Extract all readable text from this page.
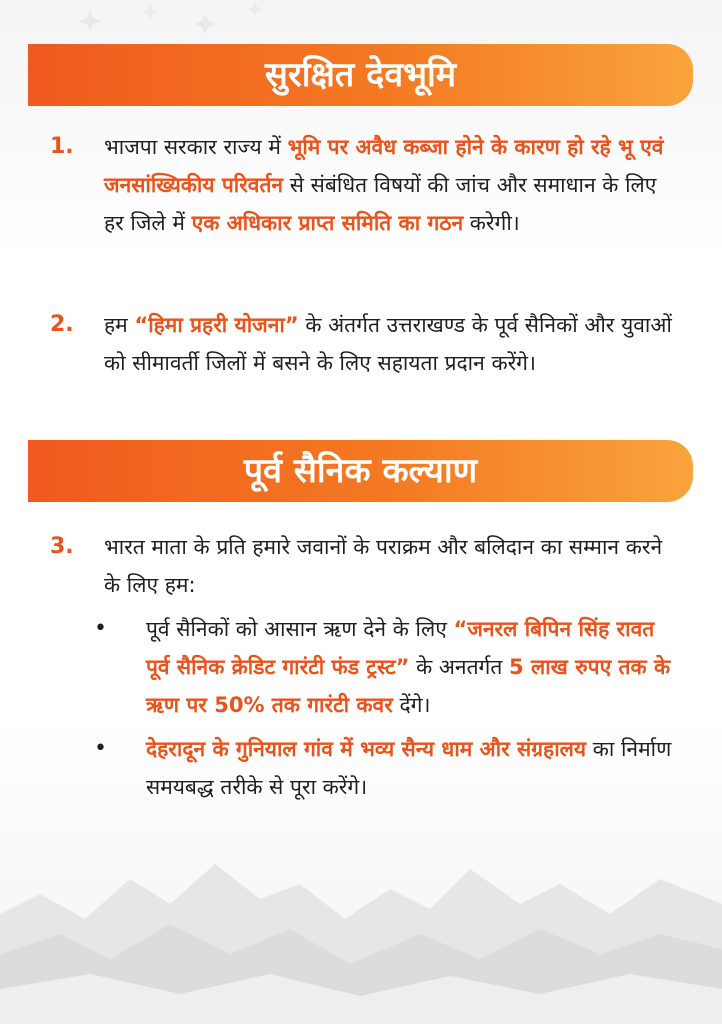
सुरक्षित देवभूमि
1. भाजपा सरकार राज्य में भूमि पर अवैध कब्जा होने के कारण हो रहे भू एवं जनसांख्यिकीय परिवर्तन से संबंधित विषयों की जांच और समाधान के लिए हर जिले में एक अधिकार प्राप्त समिति का गठन करेगी।
2. हम “हिमा प्रहरी योजना” के अंतर्गत उत्तराखण्ड के पूर्व सैनिकों और युवाओं को सीमावर्ती जिलों में बसने के लिए सहायता प्रदान करेंगे।
पूर्व सैनिक कल्याण
3. भारत माता के प्रति हमारे जवानों के पराक्रम और बलिदान का सम्मान करने के लिए हम:
• पूर्व सैनिकों को आसान ऋण देने के लिए “जनरल बिपिन सिंह रावत पूर्व सैनिक क्रेडिट गारंटी फंड ट्रस्ट” के अनतर्गत 5 लाख रुपए तक के ऋण पर 50% तक गारंटी कवर देंगे।
• देहरादून के गुनियाल गांव में भव्य सैन्य धाम और संग्रहालय का निर्माण समयबद्ध तरीके से पूरा करेंगे।
